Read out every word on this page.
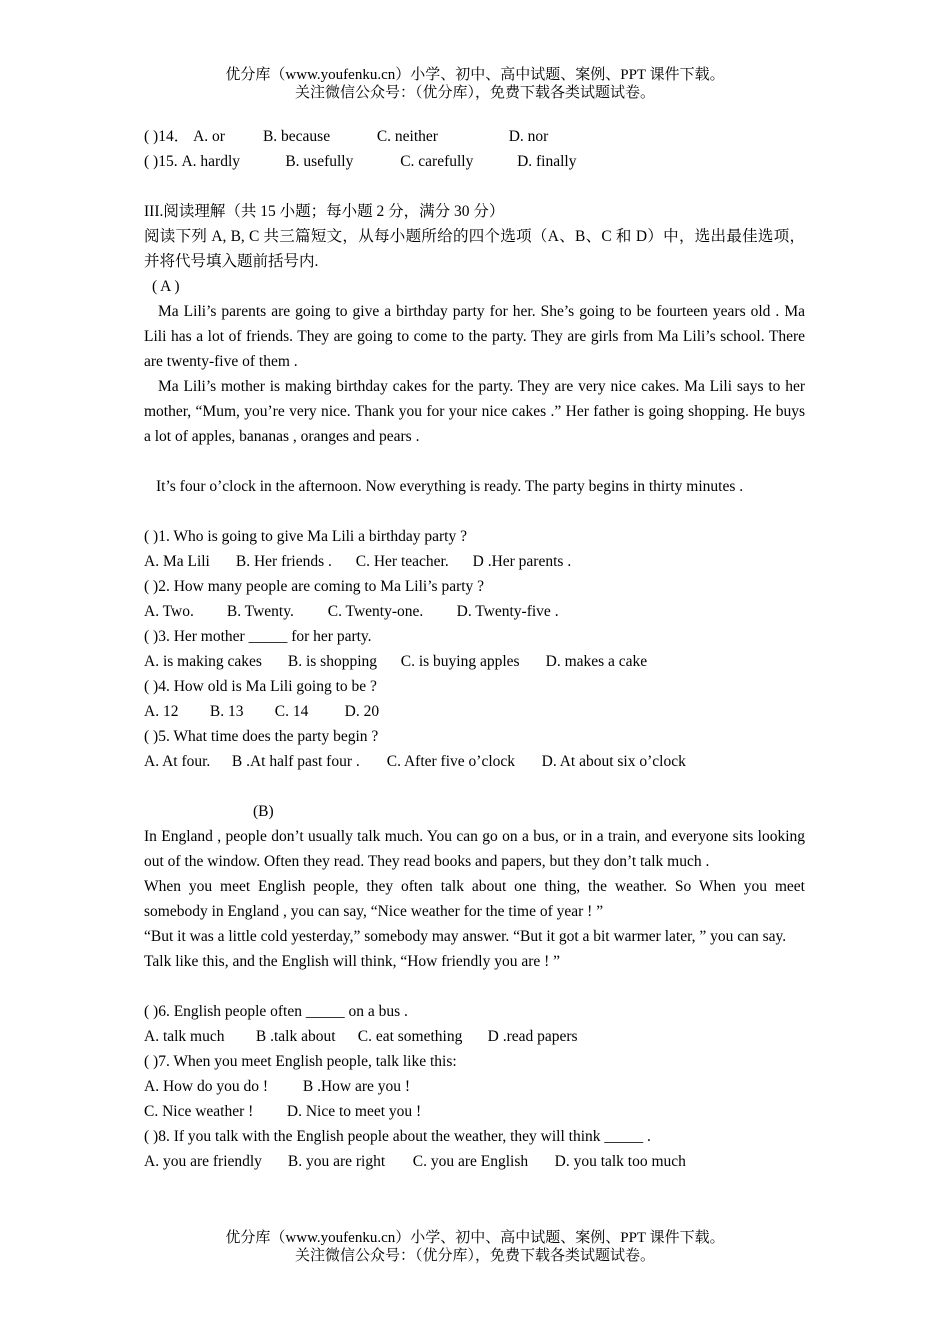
优分库（www.youfenku.cn）小学、初中、高中试题、案例、PPT 课件下载。
关注微信公众号：（优分库），免费下载各类试题试卷。
( )14． A. or B. because	C. neither	D. nor
( )15. A. hardly	B. usefully	C. carefully	D. finally
III.阅读理解（共 15 小题；每小题 2 分，满分 30 分）
阅读下列 A, B, C 共三篇短文，从每小题所给的四个选项（A、B、C 和 D）中，选出最佳选项，并将代号填入题前括号内.
( A )
Ma Lili’s parents are going to give a birthday party for her. She’s going to be fourteen years old . Ma Lili has a lot of friends. They are going to come to the party. They are girls from Ma Lili’s school. There are twenty-five of them .
Ma Lili’s mother is making birthday cakes for the party. They are very nice cakes. Ma Lili says to her mother, “Mum, you’re very nice. Thank you for your nice cakes .” Her father is going shopping. He buys a lot of apples, bananas , oranges and pears .
It’s four o’clock in the afternoon. Now everything is ready. The party begins in thirty minutes .
( )1. Who is going to give Ma Lili a birthday party ?
A. Ma Lili B. Her friends . C. Her teacher. D .Her parents .
( )2. How many people are coming to Ma Lili’s party ?
A. Two. B. Twenty. C. Twenty-one. D. Twenty-five .
( )3. Her mother _____ for her party.
A. is making cakes B. is shopping C. is buying apples D. makes a cake
( )4. How old is Ma Lili going to be ?
A. 12 B. 13 C. 14 D. 20
( )5. What time does the party begin ?
A. At four. B .At half past four . C. After five o’clock D. At about six o’clock
(B)
In England , people don’t usually talk much. You can go on a bus, or in a train, and everyone sits looking out of the window. Often they read. They read books and papers, but they don’t talk much .
When you meet English people, they often talk about one thing, the weather. So When you meet somebody in England , you can say, “Nice weather for the time of year ! ”
“But it was a little cold yesterday,” somebody may answer. “But it got a bit warmer later, ” you can say.
Talk like this, and the English will think, “How friendly you are ! ”
( )6. English people often _____ on a bus .
A. talk much B .talk about C. eat something D .read papers
( )7. When you meet English people, talk like this:
A. How do you do ! B .How are you !
C. Nice weather ! D. Nice to meet you !
( )8. If you talk with the English people about the weather, they will think _____ .
A. you are friendly B. you are right C. you are English D. you talk too much
优分库（www.youfenku.cn）小学、初中、高中试题、案例、PPT 课件下载。
关注微信公众号：（优分库），免费下载各类试题试卷。
